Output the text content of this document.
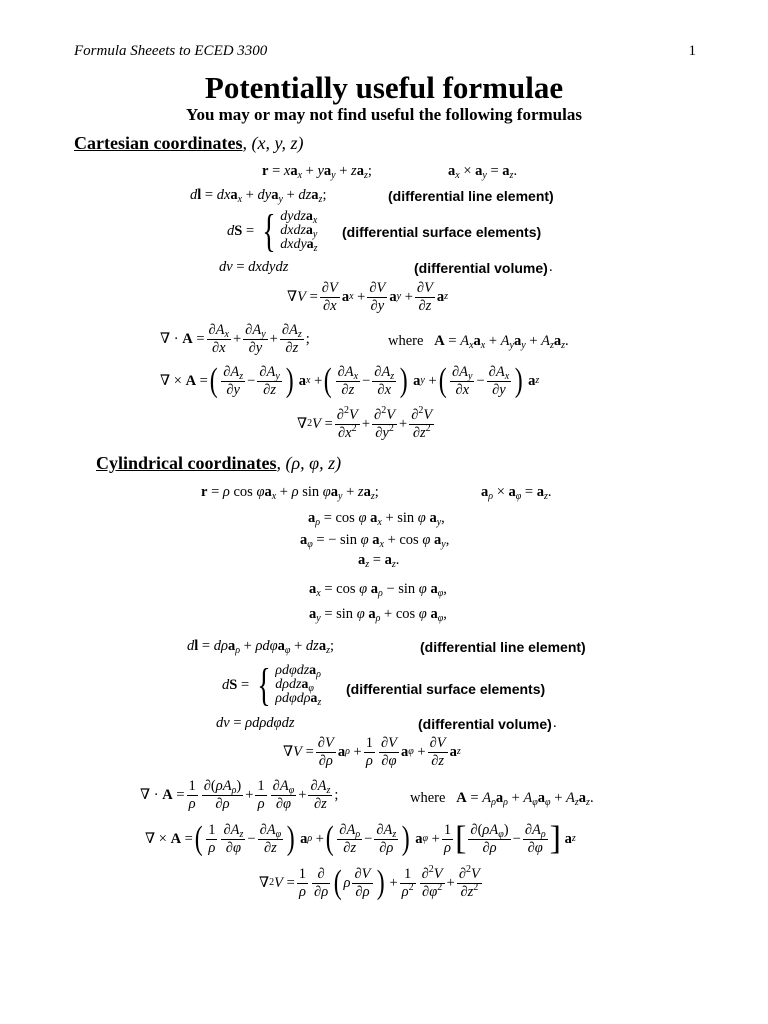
Formula Sheeets to ECED 3300	1
Potentially useful formulae
You may or may not find useful the following formulas
Cartesian coordinates, (x, y, z)
$r = xa_x + ya_y + za_z$;	$a_x \times a_y = a_z$.
dl = dxa$_x$ + dya$_y$ + dza$_z$;	(differential line element)
dS = { dydza$_x$
dxdza$_y$
dxdya$_z$
(differential surface elements)
dv = dxdydz	(differential volume) .
∇ V =
∂V
∂x
a x +
∂V
∂y
a y +
∂V
∂z
a z
∇ · A =
$\partial A_x$
∂x
+
$\partial A_y$
∂y
+
$\partial A_z$
∂z
;	where $A = A_xa_x + A_ya_y + A_za_z$.
∇ × A = ( $\partial A_z$
∂y
−
$\partial A_y$
∂z )
a x + ( $\partial A_x$
∂z
−
$\partial A_z$
∂x )
a y + ( $\partial A_y$
∂x
−
$\partial A_x$
∂y )
a z
∇ 2 V =
∂$^2$V
$\partial x^2$ +
∂$^2$V
$\partial y^2$ +
∂$^2$V
$\partial z^2$
Cylindrical coordinates, (ρ, φ, z)
r = ρ $\cos \varphi a_x + \rho$ $\sin \varphi a_y + za_z$;	$a_\rho \times a_\varphi = a_z$.
$a_\rho = \cos \varphi$ $a_x + \sin \varphi$ $a_y$,
$a_\varphi$ = − sin φ $a_x + \cos \varphi$ $a_y$,
$a_z = a_z$.
$a_x = \cos \varphi$ $a_\rho - \sin \varphi$ $a_\varphi$,
$a_y = \sin \varphi$ $a_\rho + \cos \varphi$ $a_\varphi$,
dl = dρa$_\rho$ + ρdφa$_\varphi$ + dza$_z$;	(differential line element)
dS = { ρdφdza$_\rho$
dρdza$_\varphi$
ρdφdρa$_z$
(differential surface elements)
dv = ρdρdφdz	(differential volume) .
∇ V =
∂V
∂ρ
a ρ +
1
ρ
∂V
∂φ
a φ +
∂V
∂z
a z
∇ · A =
1
ρ
$\partial(\rho A_\rho)$
∂ρ
+
1
ρ
$\partial A_\varphi$
∂φ
+
$\partial A_z$
∂z
;	where $A = A_\rho a_\rho + A_\varphi a_\varphi + A_za_z$.
∇ × A = ( 1
ρ
$\partial A_z$
∂φ
−
$\partial A_\varphi$
∂z )
a ρ + ( $\partial A_\rho$
∂z
−
$\partial A_z$
∂ρ )
a φ +
1
ρ [ $\partial(\rho A_\varphi)$
∂ρ
−
$\partial A_\rho$
∂φ ]
a z
∇ 2 V =
1
ρ
∂
∂ρ ( ρ
∂V
∂ρ ) +
1
$\rho^2$
∂$^2$V
$\partial\varphi^2$ +
∂$^2$V
$\partial z^2$
